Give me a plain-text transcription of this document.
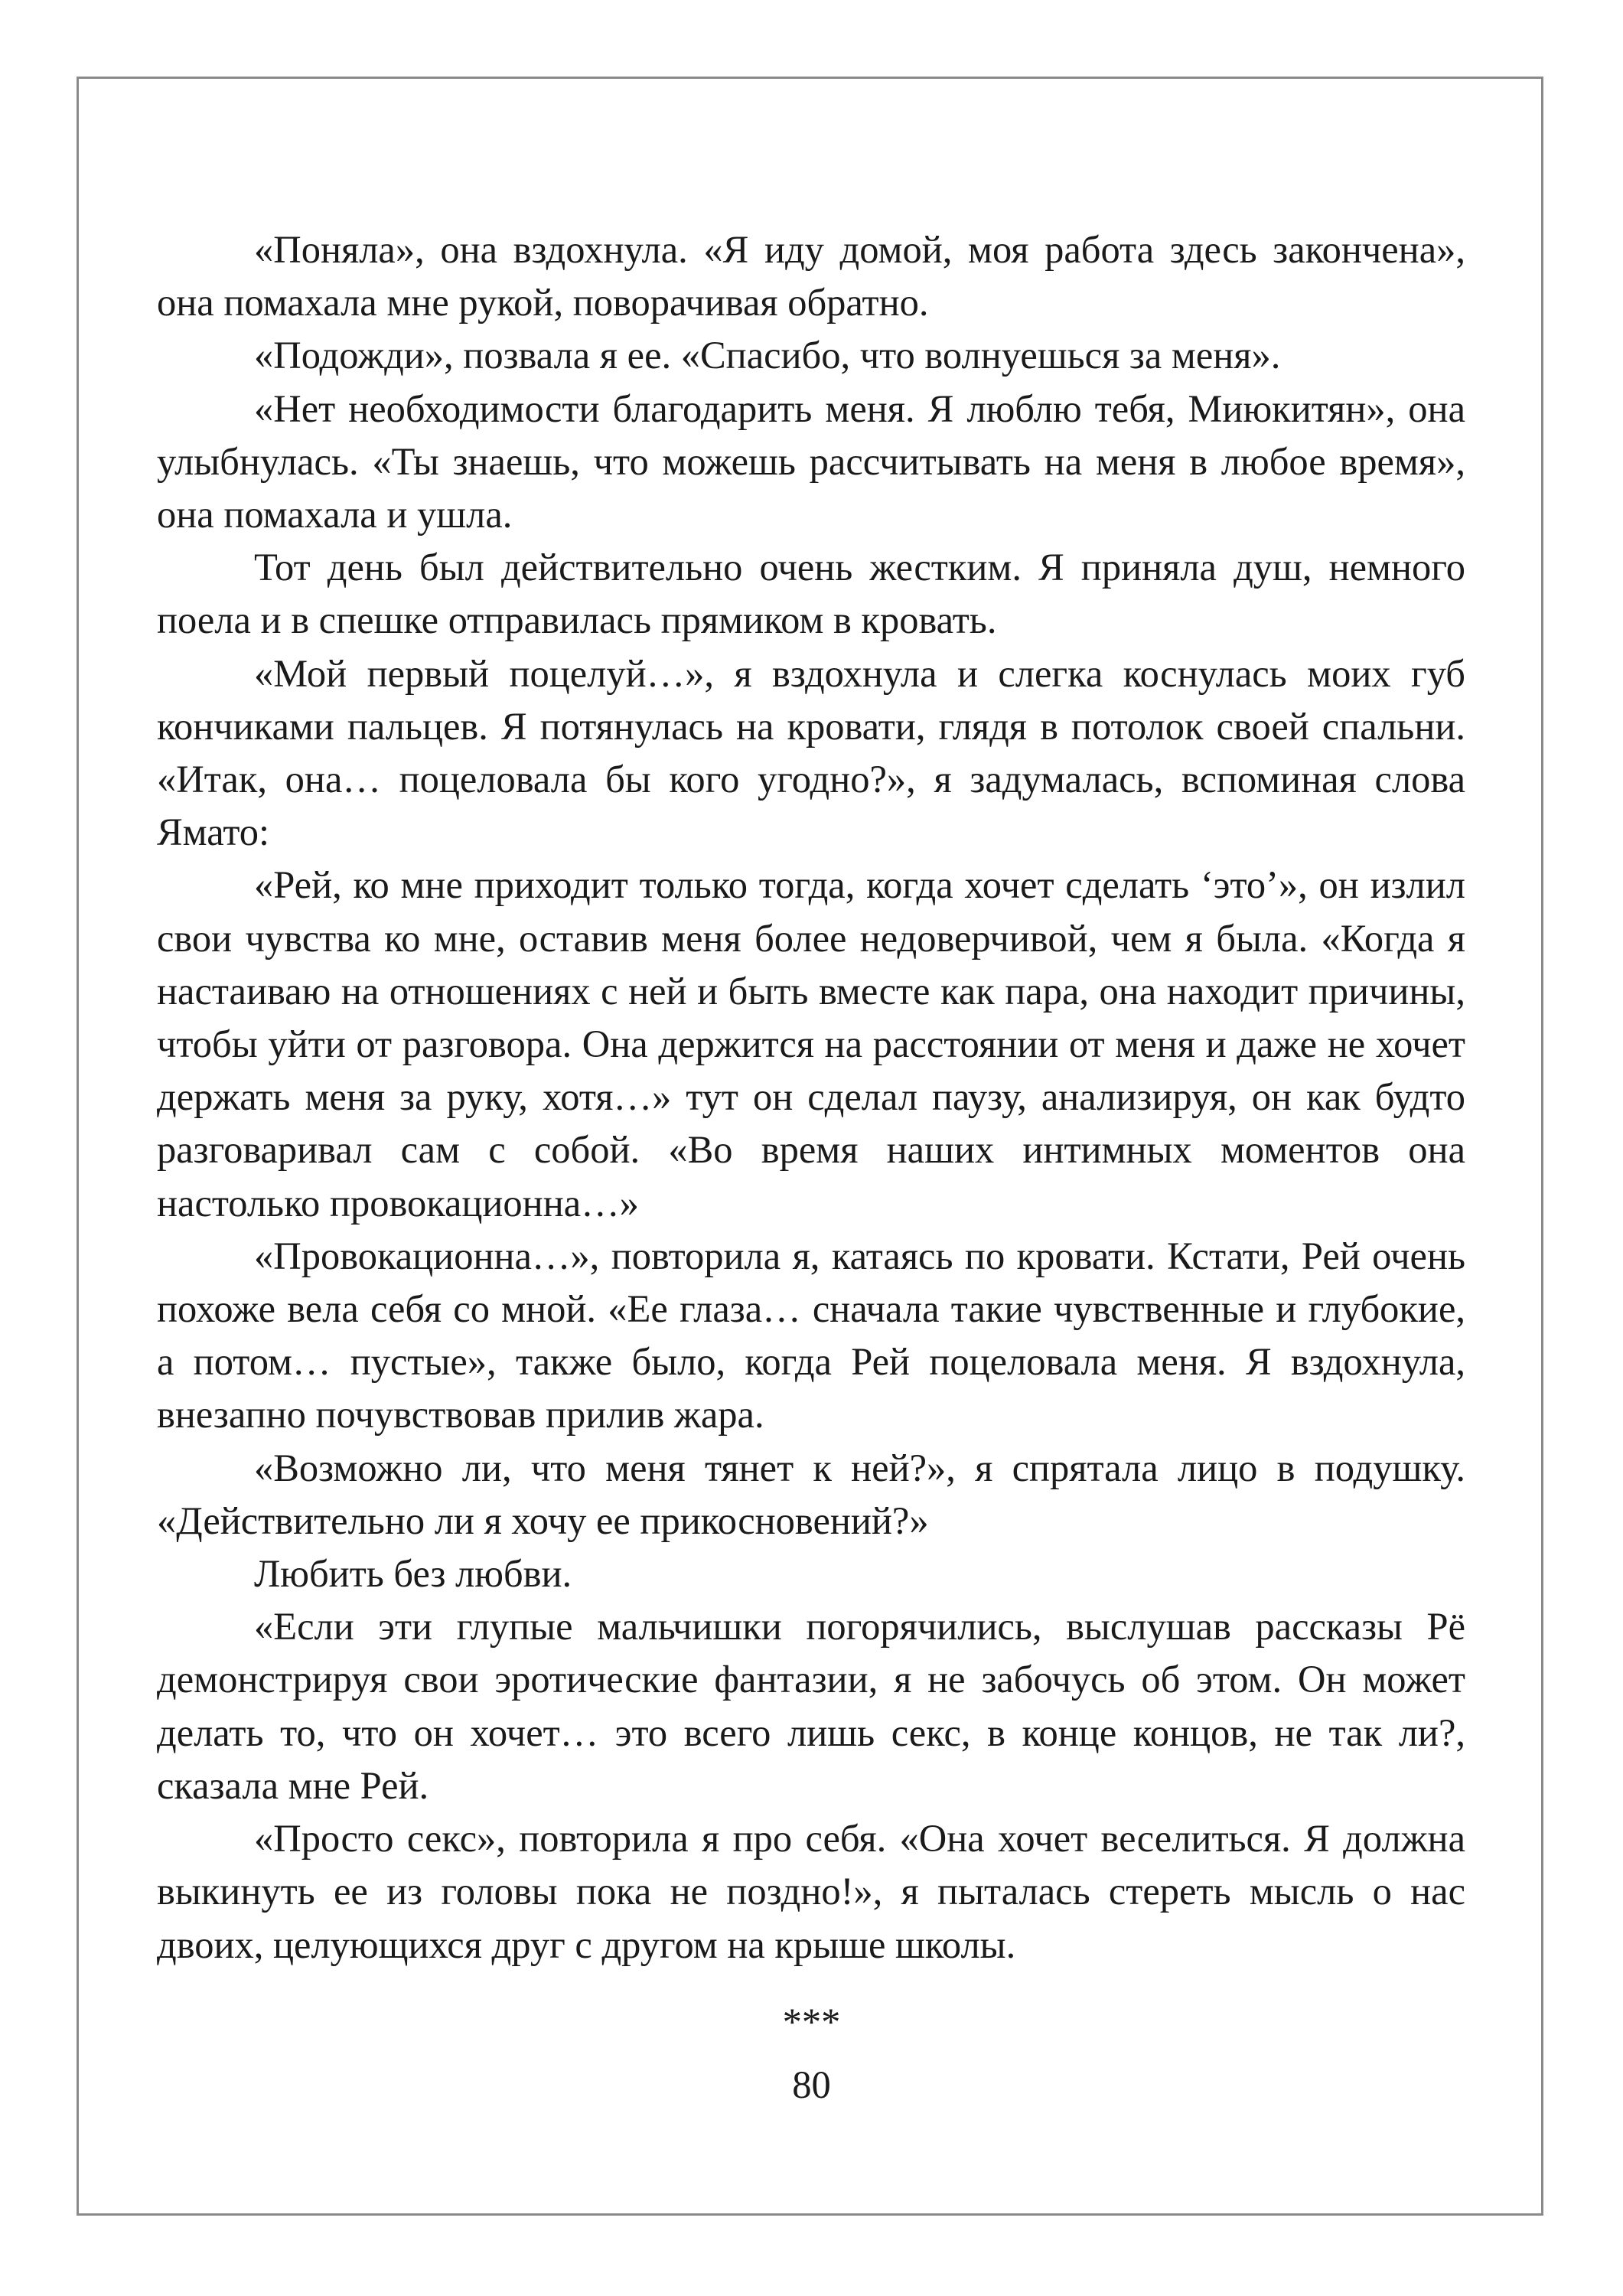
«Поняла», она вздохнула. «Я иду домой, моя работа здесь закончена», она помахала мне рукой, поворачивая обратно.

«Подожди», позвала я ее. «Спасибо, что волнуешься за меня».

«Нет необходимости благодарить меня. Я люблю тебя, Миюкитян», она улыбнулась. «Ты знаешь, что можешь рассчитывать на меня в любое время», она помахала и ушла.

Тот день был действительно очень жестким. Я приняла душ, немного поела и в спешке отправилась прямиком в кровать.

«Мой первый поцелуй…», я вздохнула и слегка коснулась моих губ кончиками пальцев. Я потянулась на кровати, глядя в потолок своей спальни. «Итак, она… поцеловала бы кого угодно?», я задумалась, вспоминая слова Ямато:

«Рей, ко мне приходит только тогда, когда хочет сделать ‘это’», он излил свои чувства ко мне, оставив меня более недоверчивой, чем я была. «Когда я настаиваю на отношениях с ней и быть вместе как пара, она находит причины, чтобы уйти от разговора. Она держится на расстоянии от меня и даже не хочет держать меня за руку, хотя…» тут он сделал паузу, анализируя, он как будто разговаривал сам с собой. «Во время наших интимных моментов она настолько провокационна…»

«Провокационна…», повторила я, катаясь по кровати. Кстати, Рей очень похоже вела себя со мной. «Ее глаза… сначала такие чувственные и глубокие, а потом… пустые», также было, когда Рей поцеловала меня. Я вздохнула, внезапно почувствовав прилив жара.

«Возможно ли, что меня тянет к ней?», я спрятала лицо в подушку. «Действительно ли я хочу ее прикосновений?»

Любить без любви.

«Если эти глупые мальчишки погорячились, выслушав рассказы Рё демонстрируя свои эротические фантазии, я не забочусь об этом. Он может делать то, что он хочет… это всего лишь секс, в конце концов, не так ли?, сказала мне Рей.

«Просто секс», повторила я про себя. «Она хочет веселиться. Я должна выкинуть ее из головы пока не поздно!», я пыталась стереть мысль о нас двоих, целующихся друг с другом на крыше школы.

***
80
